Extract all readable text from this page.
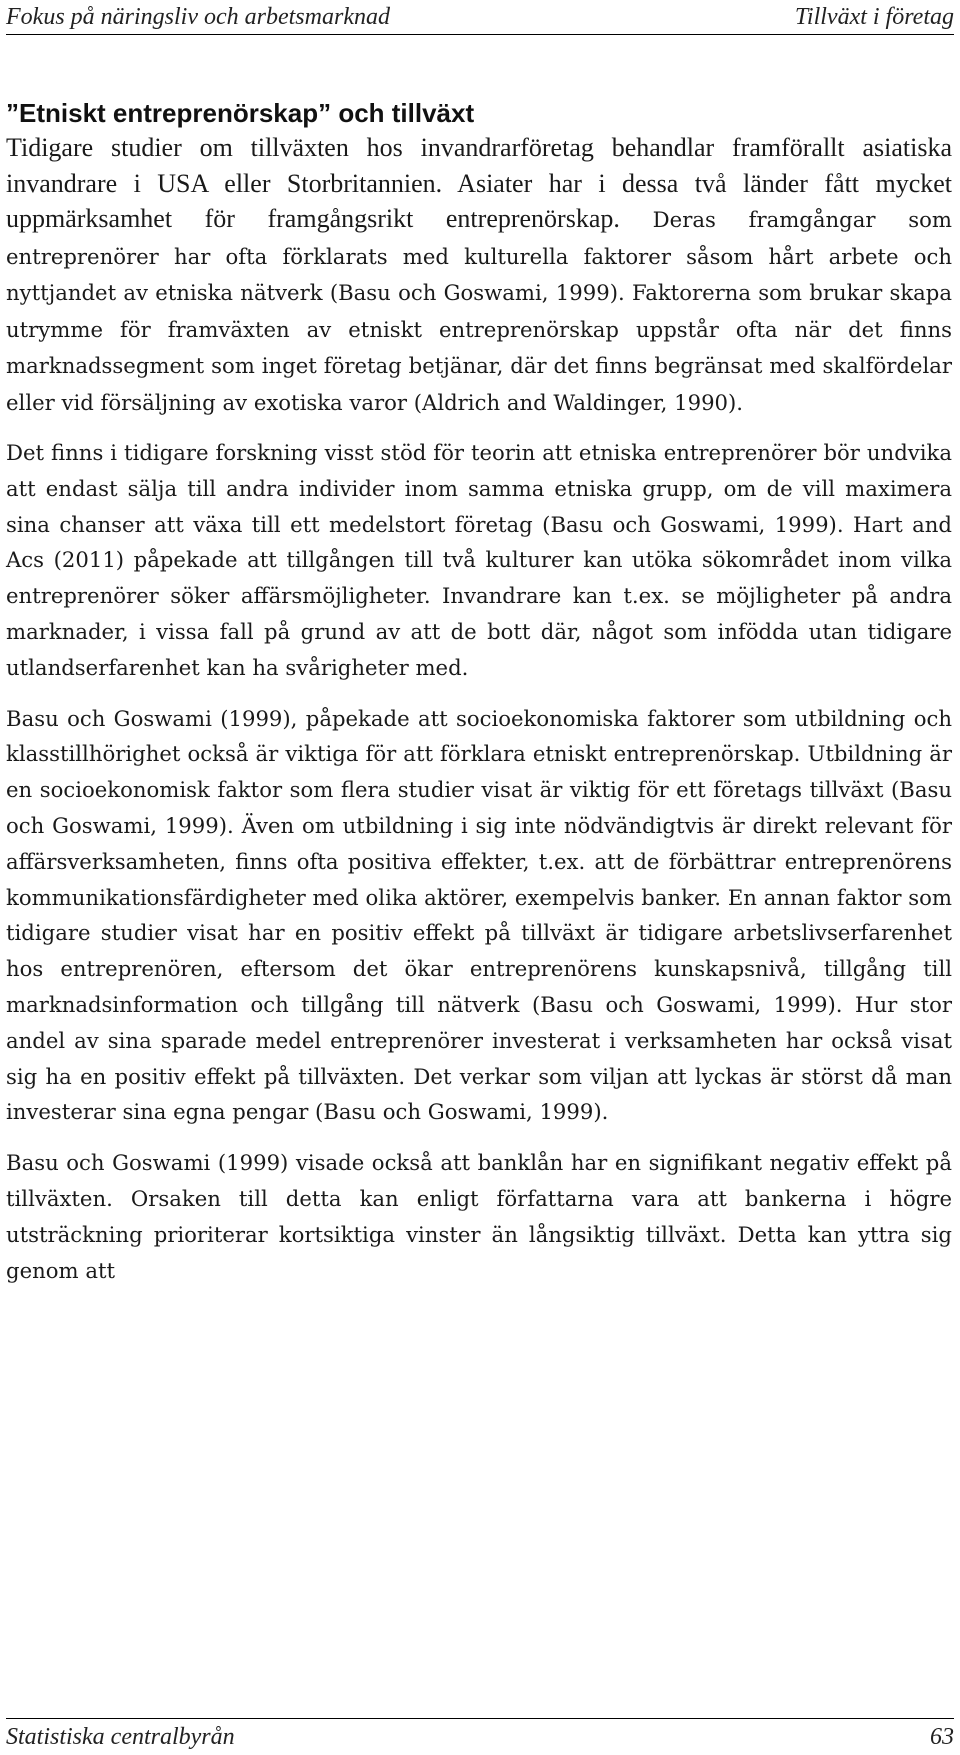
Fokus på näringsliv och arbetsmarknad	Tillväxt i företag
”Etniskt entreprenörskap” och tillväxt

Tidigare studier om tillväxten hos invandrarföretag behandlar framförallt asiatiska invandrare i USA eller Storbritannien. Asiater har i dessa två länder fått mycket uppmärksamhet för framgångsrikt entreprenörskap. Deras framgångar som entreprenörer har ofta förklarats med kulturella faktorer såsom hårt arbete och nyttjandet av etniska nätverk (Basu och Goswami, 1999). Faktorerna som brukar skapa utrymme för framväxten av etniskt entreprenörskap uppstår ofta när det finns marknadssegment som inget företag betjänar, där det finns begränsat med skalfördelar eller vid försäljning av exotiska varor (Aldrich and Waldinger, 1990).

Det finns i tidigare forskning visst stöd för teorin att etniska entreprenörer bör undvika att endast sälja till andra individer inom samma etniska grupp, om de vill maximera sina chanser att växa till ett medelstort företag (Basu och Goswami, 1999). Hart and Acs (2011) påpekade att tillgången till två kulturer kan utöka sökområdet inom vilka entreprenörer söker affärsmöjligheter. Invandrare kan t.ex. se möjligheter på andra marknader, i vissa fall på grund av att de bott där, något som infödda utan tidigare utlandserfarenhet kan ha svårigheter med.

Basu och Goswami (1999), påpekade att socioekonomiska faktorer som utbildning och klasstillhörighet också är viktiga för att förklara etniskt entreprenörskap. Utbildning är en socioekonomisk faktor som flera studier visat är viktig för ett företags tillväxt (Basu och Goswami, 1999). Även om utbildning i sig inte nödvändigtvis är direkt relevant för affärsverksamheten, finns ofta positiva effekter, t.ex. att de förbättrar entreprenörens kommunikationsfärdigheter med olika aktörer, exempelvis banker. En annan faktor som tidigare studier visat har en positiv effekt på tillväxt är tidigare arbetslivserfarenhet hos entreprenören, eftersom det ökar entreprenörens kunskapsnivå, tillgång till marknadsinformation och tillgång till nätverk (Basu och Goswami, 1999). Hur stor andel av sina sparade medel entreprenörer investerat i verksamheten har också visat sig ha en positiv effekt på tillväxten. Det verkar som viljan att lyckas är störst då man investerar sina egna pengar (Basu och Goswami, 1999).

Basu och Goswami (1999) visade också att banklån har en signifikant negativ effekt på tillväxten. Orsaken till detta kan enligt författarna vara att bankerna i högre utsträckning prioriterar kortsiktiga vinster än långsiktig tillväxt. Detta kan yttra sig genom att

Statistiska centralbyrån	63
